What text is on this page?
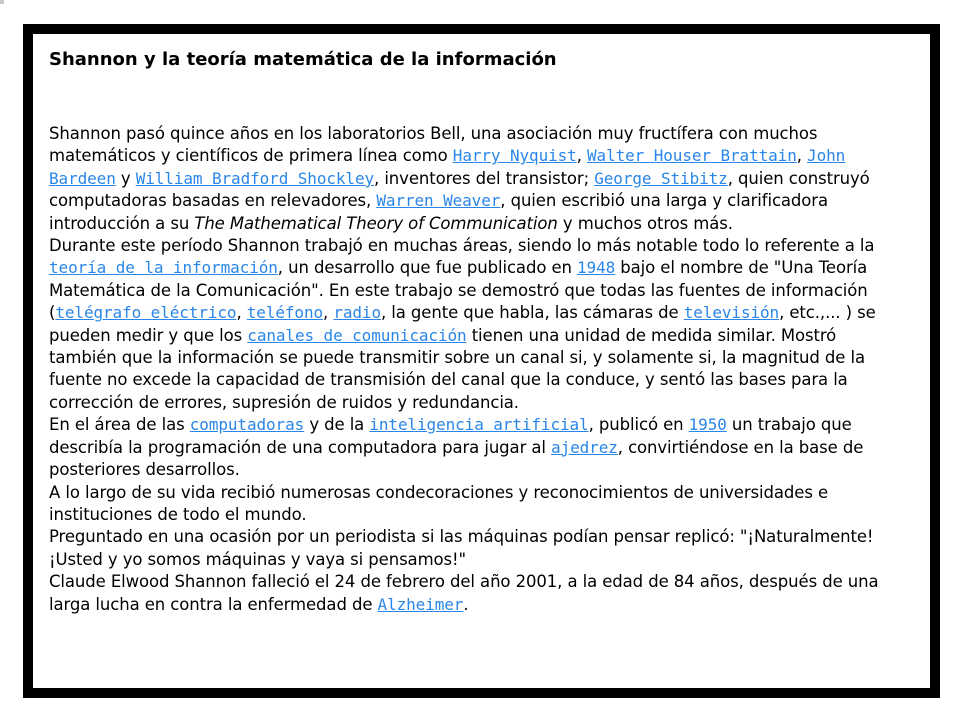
Shannon y la teoría matemática de la información

Shannon pasó quince años en los laboratorios Bell, una asociación muy fructífera con muchos matemáticos y científicos de primera línea como Harry Nyquist, Walter Houser Brattain, John Bardeen y William Bradford Shockley, inventores del transistor; George Stibitz, quien construyó computadoras basadas en relevadores, Warren Weaver, quien escribió una larga y clarificadora introducción a su The Mathematical Theory of Communication y muchos otros más.

Durante este período Shannon trabajó en muchas áreas, siendo lo más notable todo lo referente a la teoría de la información, un desarrollo que fue publicado en 1948 bajo el nombre de "Una Teoría Matemática de la Comunicación". En este trabajo se demostró que todas las fuentes de información (telégrafo eléctrico, teléfono, radio, la gente que habla, las cámaras de televisión, etc.,... ) se pueden medir y que los canales de comunicación tienen una unidad de medida similar. Mostró también que la información se puede transmitir sobre un canal si, y solamente si, la magnitud de la fuente no excede la capacidad de transmisión del canal que la conduce, y sentó las bases para la corrección de errores, supresión de ruidos y redundancia.

En el área de las computadoras y de la inteligencia artificial, publicó en 1950 un trabajo que describía la programación de una computadora para jugar al ajedrez, convirtiéndose en la base de posteriores desarrollos.

A lo largo de su vida recibió numerosas condecoraciones y reconocimientos de universidades e instituciones de todo el mundo.

Preguntado en una ocasión por un periodista si las máquinas podían pensar replicó: "¡Naturalmente! ¡Usted y yo somos máquinas y vaya si pensamos!"

Claude Elwood Shannon falleció el 24 de febrero del año 2001, a la edad de 84 años, después de una larga lucha en contra la enfermedad de Alzheimer.
